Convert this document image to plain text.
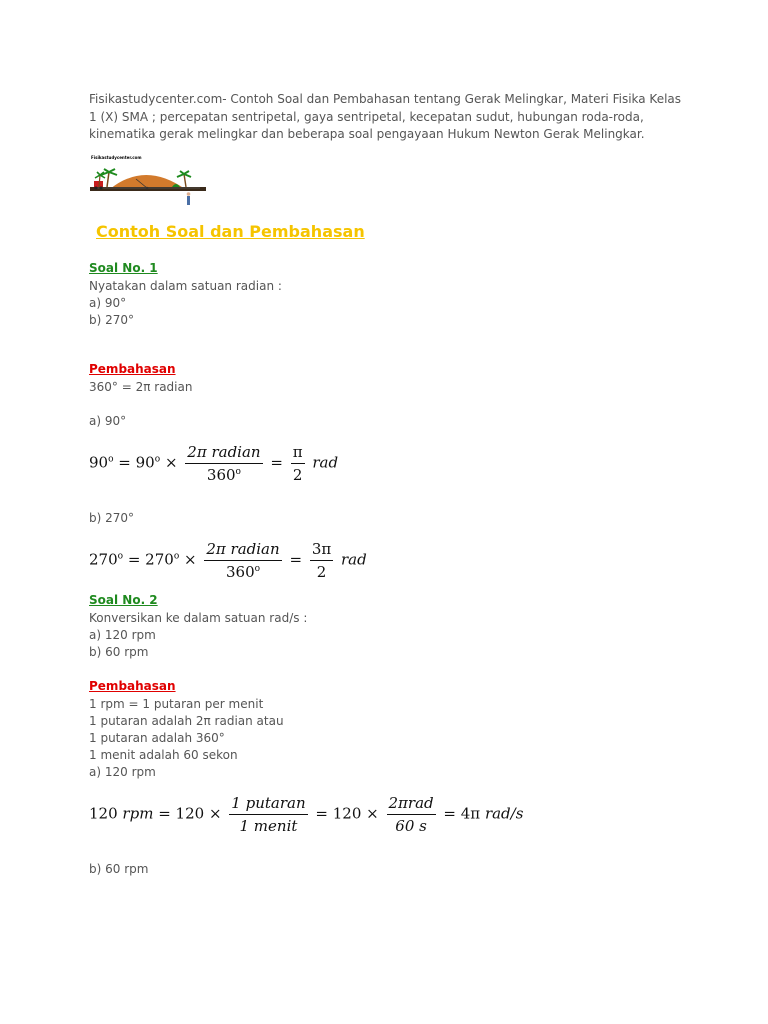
Fisikastudycenter.com- Contoh Soal dan Pembahasan tentang Gerak Melingkar, Materi Fisika Kelas
1 (X) SMA ; percepatan sentripetal, gaya sentripetal, kecepatan sudut, hubungan roda-roda,
kinematika gerak melingkar dan beberapa soal pengayaan Hukum Newton Gerak Melingkar.
Fisikastudycenter.com
Contoh Soal dan Pembahasan
Soal No. 1
Nyatakan dalam satuan radian :
a) 90°
b) 270°
Pembahasan
360° = 2π radian
a) 90°
$90^o = 90^o \times \frac{\text{2π radian}}{360^o} = \frac{\pi}{2}$ rad
b) 270°
$270^o = 270^o \times \frac{\text{2π radian}}{360^o} = \frac{3\pi}{2}$ rad
Soal No. 2
Konversikan ke dalam satuan rad/s :
a) 120 rpm
b) 60 rpm
Pembahasan
1 rpm = 1 putaran per menit
1 putaran adalah 2π radian atau
1 putaran adalah 360°
1 menit adalah 60 sekon
a) 120 rpm
120 rpm = $120 \times \frac{\text{1 putaran}}{\text{1 menit}} = 120 \times \frac{\text{2πrad}}{60 s} = 4\pi$ rad/s
b) 60 rpm
